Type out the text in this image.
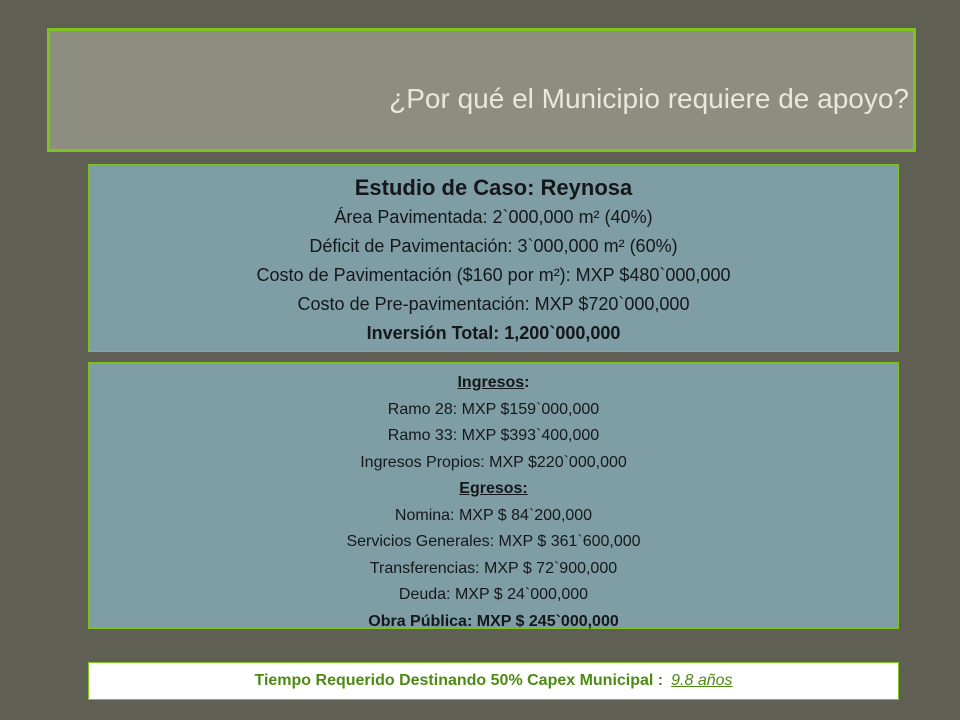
¿Por qué el Municipio requiere de apoyo?
Estudio de Caso: Reynosa
Área Pavimentada: 2`000,000 m² (40%)
Déficit de Pavimentación: 3`000,000 m² (60%)
Costo de Pavimentación ($160 por m²): MXP $480`000,000
Costo de Pre-pavimentación: MXP $720`000,000
Inversión Total: 1,200`000,000
Ingresos:
Ramo 28: MXP $159`000,000
Ramo 33: MXP $393`400,000
Ingresos Propios: MXP $220`000,000
Egresos:
Nomina: MXP $ 84`200,000
Servicios Generales: MXP $ 361`600,000
Transferencias: MXP $ 72`900,000
Deuda: MXP $ 24`000,000
Obra Pública: MXP $ 245`000,000
Tiempo Requerido Destinando 50% Capex Municipal : 9.8 años
